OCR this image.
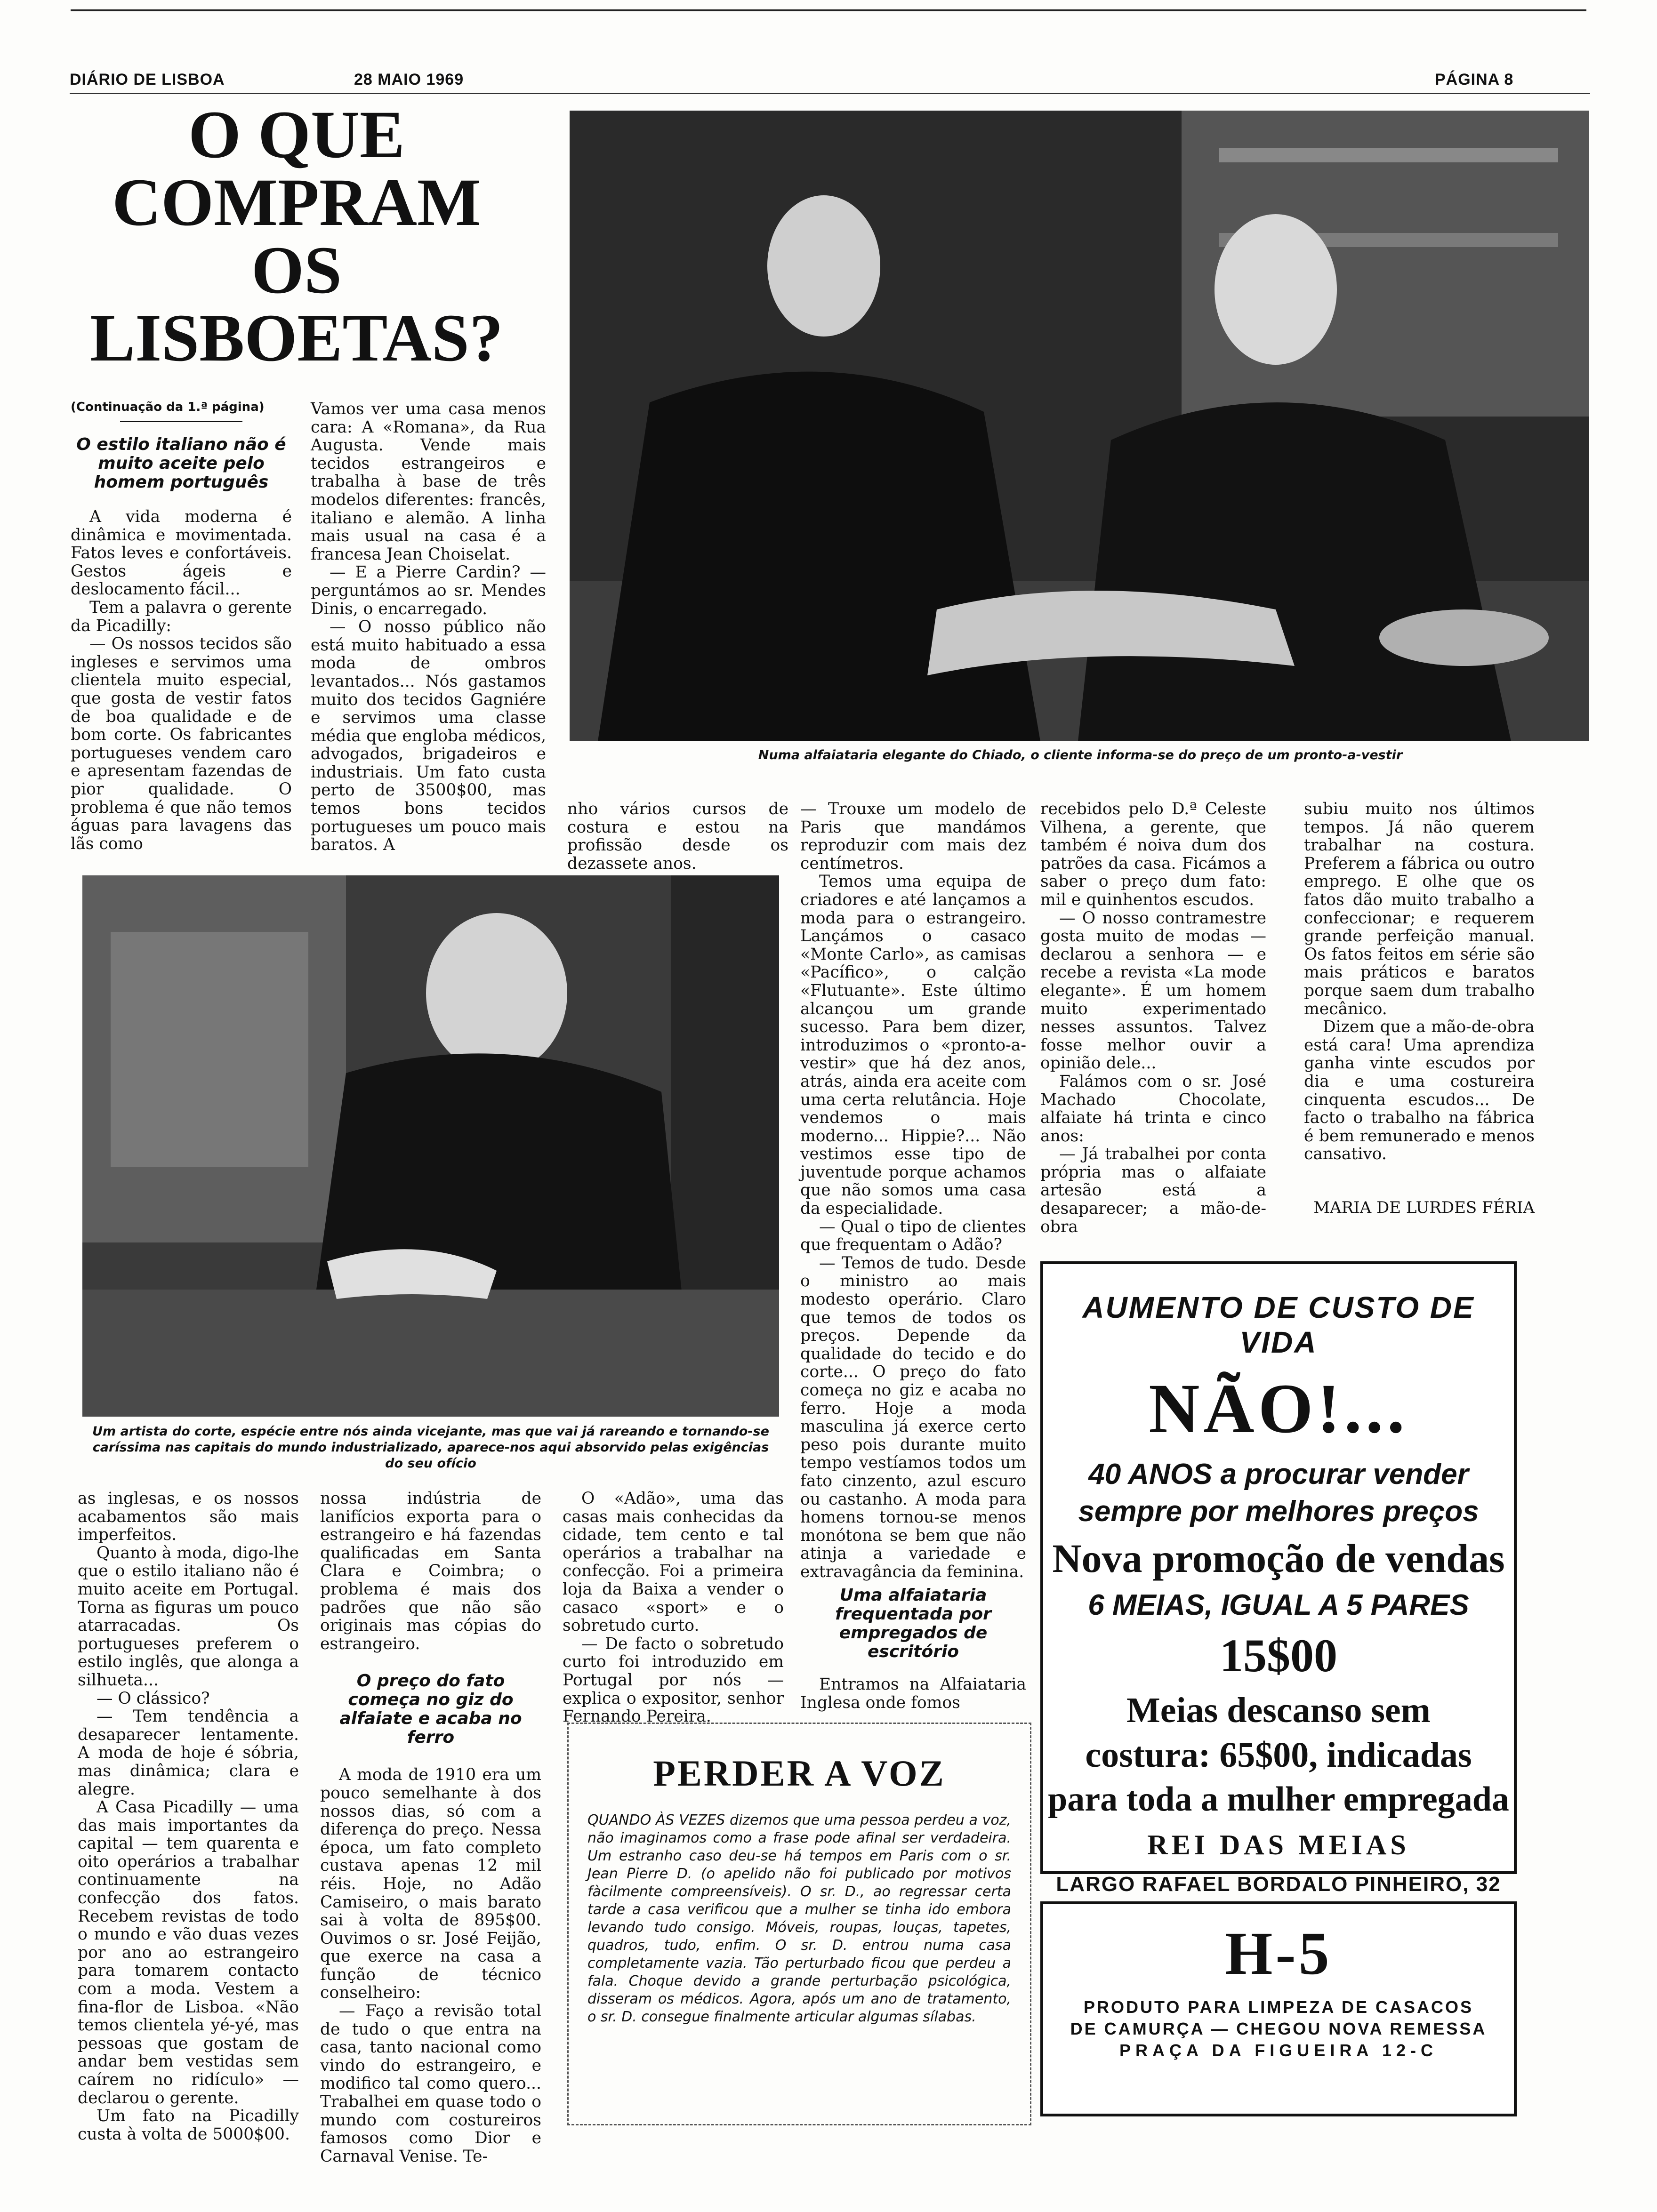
DIÁRIO DE LISBOA	28 MAIO 1969	PÁGINA 8
O QUE
COMPRAM
OS
LISBOETAS?
Numa alfaiataria elegante do Chiado, o cliente informa-se do preço de um pronto-a-vestir
(Continuação da 1.ª página)
O estilo italiano não é muito aceite pelo homem português

A vida moderna é dinâmica e movimentada. Fatos leves e confortáveis. Gestos ágeis e deslocamento fácil...

Tem a palavra o gerente da Picadilly:

— Os nossos tecidos são ingleses e servimos uma clientela muito especial, que gosta de vestir fatos de boa qualidade e de bom corte. Os fabricantes portugueses vendem caro e apresentam fazendas de pior qualidade. O problema é que não temos águas para lavagens das lãs como

Vamos ver uma casa menos cara: A «Romana», da Rua Augusta. Vende mais tecidos estrangeiros e trabalha à base de três modelos diferentes: francês, italiano e alemão. A linha mais usual na casa é a francesa Jean Choiselat.

— E a Pierre Cardin? — perguntámos ao sr. Mendes Dinis, o encarregado.

— O nosso público não está muito habituado a essa moda de ombros levantados... Nós gastamos muito dos tecidos Gagniére e servimos uma classe média que engloba médicos, advogados, brigadeiros e industriais. Um fato custa perto de 3500$00, mas temos bons tecidos portugueses um pouco mais baratos. A

nho vários cursos de costura e estou na profissão desde os dezassete anos.

— Trouxe um modelo de Paris que mandámos reproduzir com mais dez centímetros.

Temos uma equipa de criadores e até lançamos a moda para o estrangeiro. Lançámos o casaco «Monte Carlo», as camisas «Pacífico», o calção «Flutuante». Este último alcançou um grande sucesso. Para bem dizer, introduzimos o «pronto-a-vestir» que há dez anos, atrás, ainda era aceite com uma certa relutância. Hoje vendemos o mais moderno... Hippie?... Não vestimos esse tipo de juventude porque achamos que não somos uma casa da especialidade.

— Qual o tipo de clientes que frequentam o Adão?

— Temos de tudo. Desde o ministro ao mais modesto operário. Claro que temos de todos os preços. Depende da qualidade do tecido e do corte... O preço do fato começa no giz e acaba no ferro. Hoje a moda masculina já exerce certo peso pois durante muito tempo vestíamos todos um fato cinzento, azul escuro ou castanho. A moda para homens tornou-se menos monótona se bem que não atinja a variedade e extravagância da feminina.

recebidos pelo D.ª Celeste Vilhena, a gerente, que também é noiva dum dos patrões da casa. Ficámos a saber o preço dum fato: mil e quinhentos escudos.

— O nosso contramestre gosta muito de modas — declarou a senhora — e recebe a revista «La mode elegante». É um homem muito experimentado nesses assuntos. Talvez fosse melhor ouvir a opinião dele...

Falámos com o sr. José Machado Chocolate, alfaiate há trinta e cinco anos:

— Já trabalhei por conta própria mas o alfaiate artesão está a desaparecer; a mão-de-obra

subiu muito nos últimos tempos. Já não querem trabalhar na costura. Preferem a fábrica ou outro emprego. E olhe que os fatos dão muito trabalho a confeccionar; e requerem grande perfeição manual. Os fatos feitos em série são mais práticos e baratos porque saem dum trabalho mecânico.

Dizem que a mão-de-obra está cara! Uma aprendiza ganha vinte escudos por dia e uma costureira cinquenta escudos... De facto o trabalho na fábrica é bem remunerado e menos cansativo.

MARIA DE LURDES FÉRIA
Um artista do corte, espécie entre nós ainda vicejante, mas que vai já rareando e tornando-se caríssima nas capitais do mundo industrializado, aparece-nos aqui absorvido pelas exigências do seu ofício

as inglesas, e os nossos acabamentos são mais imperfeitos.

Quanto à moda, digo-lhe que o estilo italiano não é muito aceite em Portugal. Torna as figuras um pouco atarracadas. Os portugueses preferem o estilo inglês, que alonga a silhueta...

— O clássico?

— Tem tendência a desaparecer lentamente. A moda de hoje é sóbria, mas dinâmica; clara e alegre.

A Casa Picadilly — uma das mais importantes da capital — tem quarenta e oito operários a trabalhar continuamente na confecção dos fatos. Recebem revistas de todo o mundo e vão duas vezes por ano ao estrangeiro para tomarem contacto com a moda. Vestem a fina-flor de Lisboa. «Não temos clientela yé-yé, mas pessoas que gostam de andar bem vestidas sem caírem no ridículo» — declarou o gerente.

Um fato na Picadilly custa à volta de 5000$00.

nossa indústria de lanifícios exporta para o estrangeiro e há fazendas qualificadas em Santa Clara e Coimbra; o problema é mais dos padrões que não são originais mas cópias do estrangeiro.

O preço do fato começa no giz do alfaiate e acaba no ferro

A moda de 1910 era um pouco semelhante à dos nossos dias, só com a diferença do preço. Nessa época, um fato completo custava apenas 12 mil réis. Hoje, no Adão Camiseiro, o mais barato sai à volta de 895$00. Ouvimos o sr. José Feijão, que exerce na casa a função de técnico conselheiro:

— Faço a revisão total de tudo o que entra na casa, tanto nacional como vindo do estrangeiro, e modifico tal como quero... Trabalhei em quase todo o mundo com costureiros famosos como Dior e Carnaval Venise. Te-

O «Adão», uma das casas mais conhecidas da cidade, tem cento e tal operários a trabalhar na confecção. Foi a primeira loja da Baixa a vender o casaco «sport» e o sobretudo curto.

— De facto o sobretudo curto foi introduzido em Portugal por nós — explica o expositor, senhor Fernando Pereira.

Uma alfaiataria frequentada por empregados de escritório

Entramos na Alfaiataria Inglesa onde fomos

PERDER A VOZ
QUANDO ÀS VEZES dizemos que uma pessoa perdeu a voz, não imaginamos como a frase pode afinal ser verdadeira. Um estranho caso deu-se há tempos em Paris com o sr. Jean Pierre D. (o apelido não foi publicado por motivos fàcilmente compreensíveis). O sr. D., ao regressar certa tarde a casa verificou que a mulher se tinha ido embora levando tudo consigo. Móveis, roupas, louças, tapetes, quadros, tudo, enfim. O sr. D. entrou numa casa completamente vazia. Tão perturbado ficou que perdeu a fala. Choque devido a grande perturbação psicológica, disseram os médicos. Agora, após um ano de tratamento, o sr. D. consegue finalmente articular algumas sílabas.
AUMENTO DE CUSTO DE VIDA
NÃO!...
40 ANOS a procurar vender
sempre por melhores preços
Nova promoção de vendas
6 MEIAS, IGUAL A 5 PARES
15$00
Meias descanso sem
costura: 65$00, indicadas
para toda a mulher empregada
REI DAS MEIAS
LARGO RAFAEL BORDALO PINHEIRO, 32
H-5
PRODUTO PARA LIMPEZA DE CASACOS
DE CAMURÇA — CHEGOU NOVA REMESSA
PRAÇA DA FIGUEIRA 12-C
